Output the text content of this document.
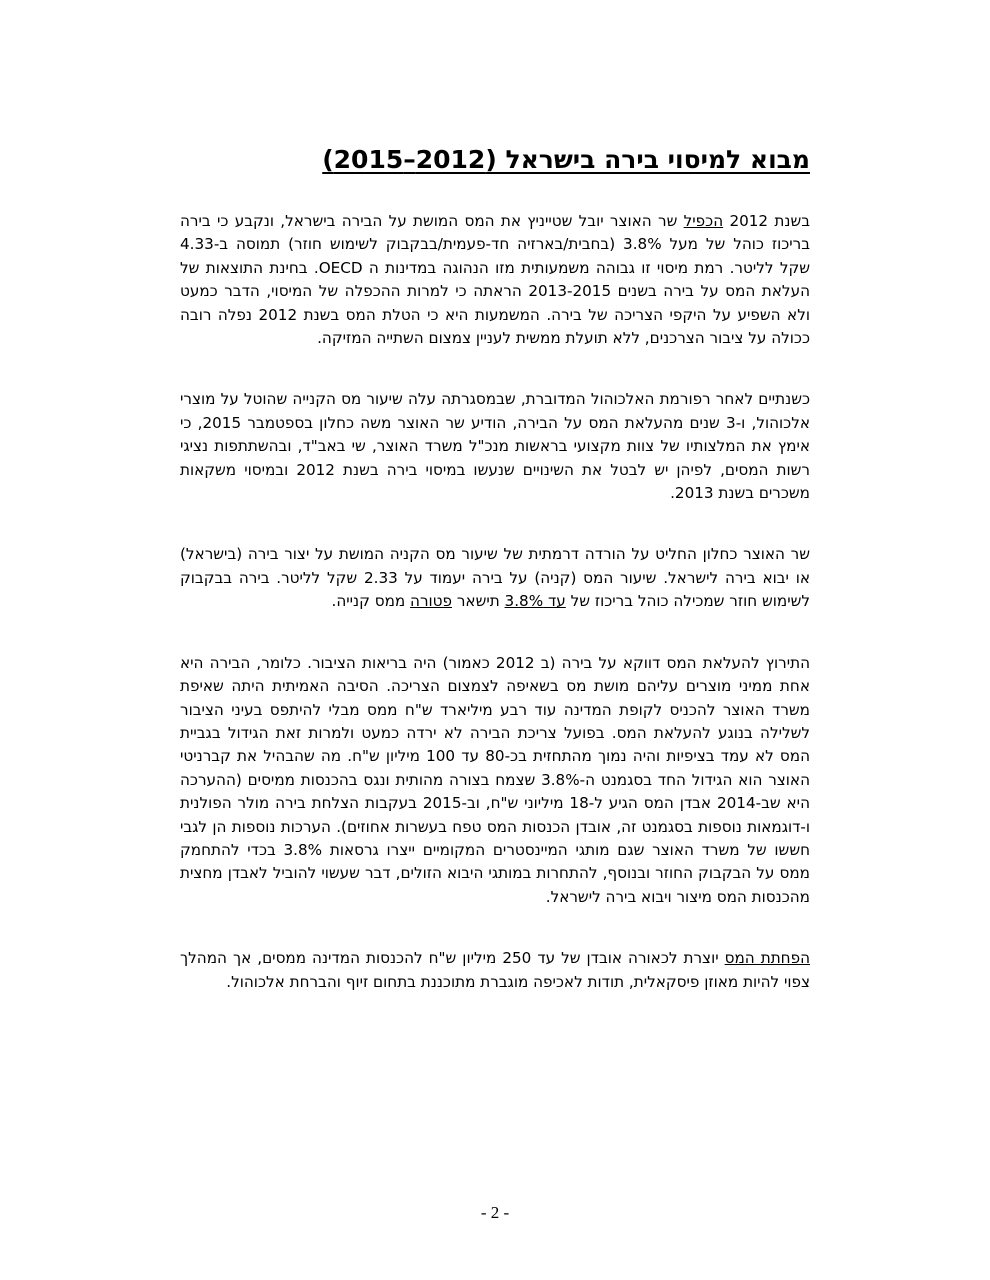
מבוא למיסוי בירה בישראל (2012–2015)

בשנת 2012 הכפיל שר האוצר יובל שטייניץ את המס המושת על הבירה בישראל, ונקבע כי בירה בריכוז כוהל של מעל 3.8% (בחבית/בארזיה חד-פעמית/בבקבוק לשימוש חוזר) תמוסה ב-4.33 שקל לליטר. רמת מיסוי זו גבוהה משמעותית מזו הנהוגה במדינות ה OECD. בחינת התוצאות של העלאת המס על בירה בשנים 2013-2015 הראתה כי למרות ההכפלה של המיסוי, הדבר כמעט ולא השפיע על היקפי הצריכה של בירה. המשמעות היא כי הטלת המס בשנת 2012 נפלה רובה ככולה על ציבור הצרכנים, ללא תועלת ממשית לעניין צמצום השתייה המזיקה.

כשנתיים לאחר רפורמת האלכוהול המדוברת, שבמסגרתה עלה שיעור מס הקנייה שהוטל על מוצרי אלכוהול, ו-3 שנים מהעלאת המס על הבירה, הודיע שר האוצר משה כחלון בספטמבר 2015, כי אימץ את המלצותיו של צוות מקצועי בראשות מנכ"ל משרד האוצר, שי באב"ד, ובהשתתפות נציגי רשות המסים, לפיהן יש לבטל את השינויים שנעשו במיסוי בירה בשנת 2012 ובמיסוי משקאות משכרים בשנת 2013.

שר האוצר כחלון החליט על הורדה דרמתית של שיעור מס הקניה המושת על יצור בירה (בישראל) או יבוא בירה לישראל. שיעור המס (קניה) על בירה יעמוד על 2.33 שקל לליטר. בירה בבקבוק לשימוש חוזר שמכילה כוהל בריכוז של עד 3.8% תישאר פטורה ממס קנייה.

התירוץ להעלאת המס דווקא על בירה (ב 2012 כאמור) היה בריאות הציבור. כלומר, הבירה היא אחת ממיני מוצרים עליהם מושת מס בשאיפה לצמצום הצריכה. הסיבה האמיתית היתה שאיפת משרד האוצר להכניס לקופת המדינה עוד רבע מיליארד ש"ח ממס מבלי להיתפס בעיני הציבור לשלילה בנוגע להעלאת המס. בפועל צריכת הבירה לא ירדה כמעט ולמרות זאת הגידול בגביית המס לא עמד בציפיות והיה נמוך מהתחזית בכ-80 עד 100 מיליון ש"ח. מה שהבהיל את קברניטי האוצר הוא הגידול החד בסגמנט ה-3.8% שצמח בצורה מהותית ונגס בהכנסות ממיסים (ההערכה היא שב-2014 אבדן המס הגיע ל-18 מיליוני ש"ח, וב-2015 בעקבות הצלחת בירה מולר הפולנית ו-דוגמאות נוספות בסגמנט זה, אובדן הכנסות המס טפח בעשרות אחוזים). הערכות נוספות הן לגבי חששו של משרד האוצר שגם מותגי המיינסטרים המקומיים ייצרו גרסאות 3.8% בכדי להתחמק ממס על הבקבוק החוזר ובנוסף, להתחרות במותגי היבוא הזולים, דבר שעשוי להוביל לאבדן מחצית מהכנסות המס מיצור ויבוא בירה לישראל.

הפחתת המס יוצרת לכאורה אובדן של עד 250 מיליון ש"ח להכנסות המדינה ממסים, אך המהלך צפוי להיות מאוזן פיסקאלית, תודות לאכיפה מוגברת מתוכננת בתחום זיוף והברחת אלכוהול.

- 2 -
